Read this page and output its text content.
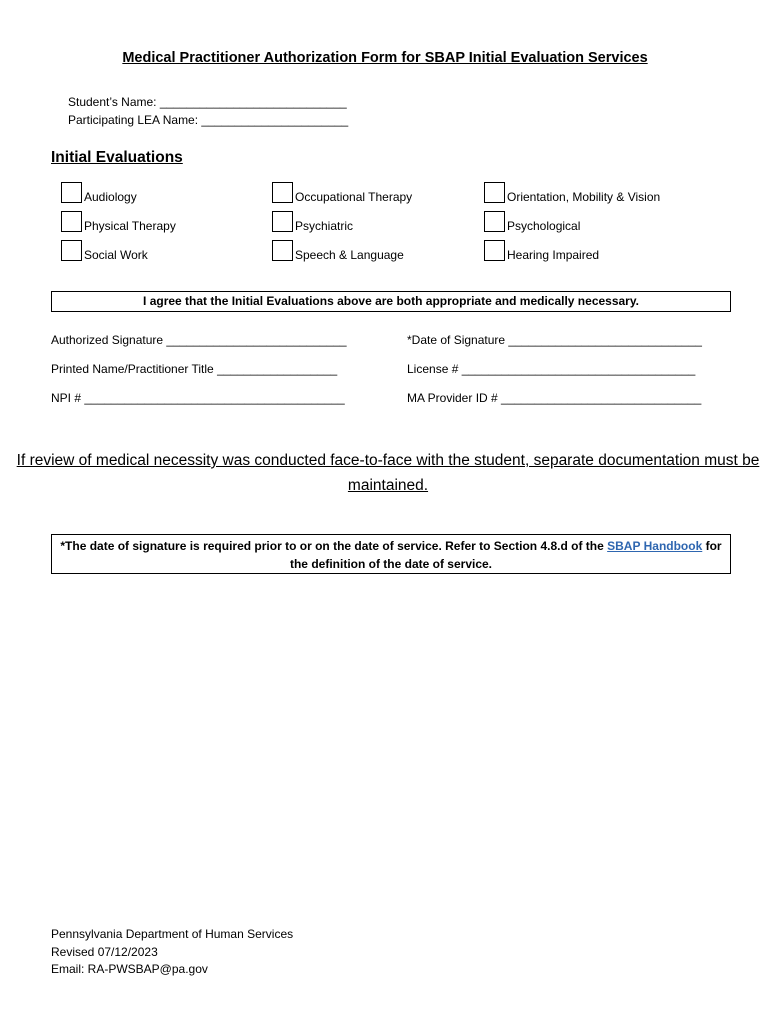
Medical Practitioner Authorization Form for SBAP Initial Evaluation Services
Student’s Name: ____________________________
Participating LEA Name: ______________________
Initial Evaluations
Audiology	Occupational Therapy	Orientation, Mobility & Vision
Physical Therapy	Psychiatric	Psychological
Social Work	Speech & Language	Hearing Impaired
I agree that the Initial Evaluations above are both appropriate and medically necessary.
Authorized Signature ___________________________	*Date of Signature _____________________________
Printed Name/Practitioner Title __________________	License # ___________________________________
NPI # _______________________________________	MA Provider ID # ______________________________
If review of medical necessity was conducted face-to-face with the student, separate documentation must be maintained.
*The date of signature is required prior to or on the date of service. Refer to Section 4.8.d of the SBAP Handbook for the definition of the date of service.
Pennsylvania Department of Human Services
Revised 07/12/2023
Email: RA-PWSBAP@pa.gov
